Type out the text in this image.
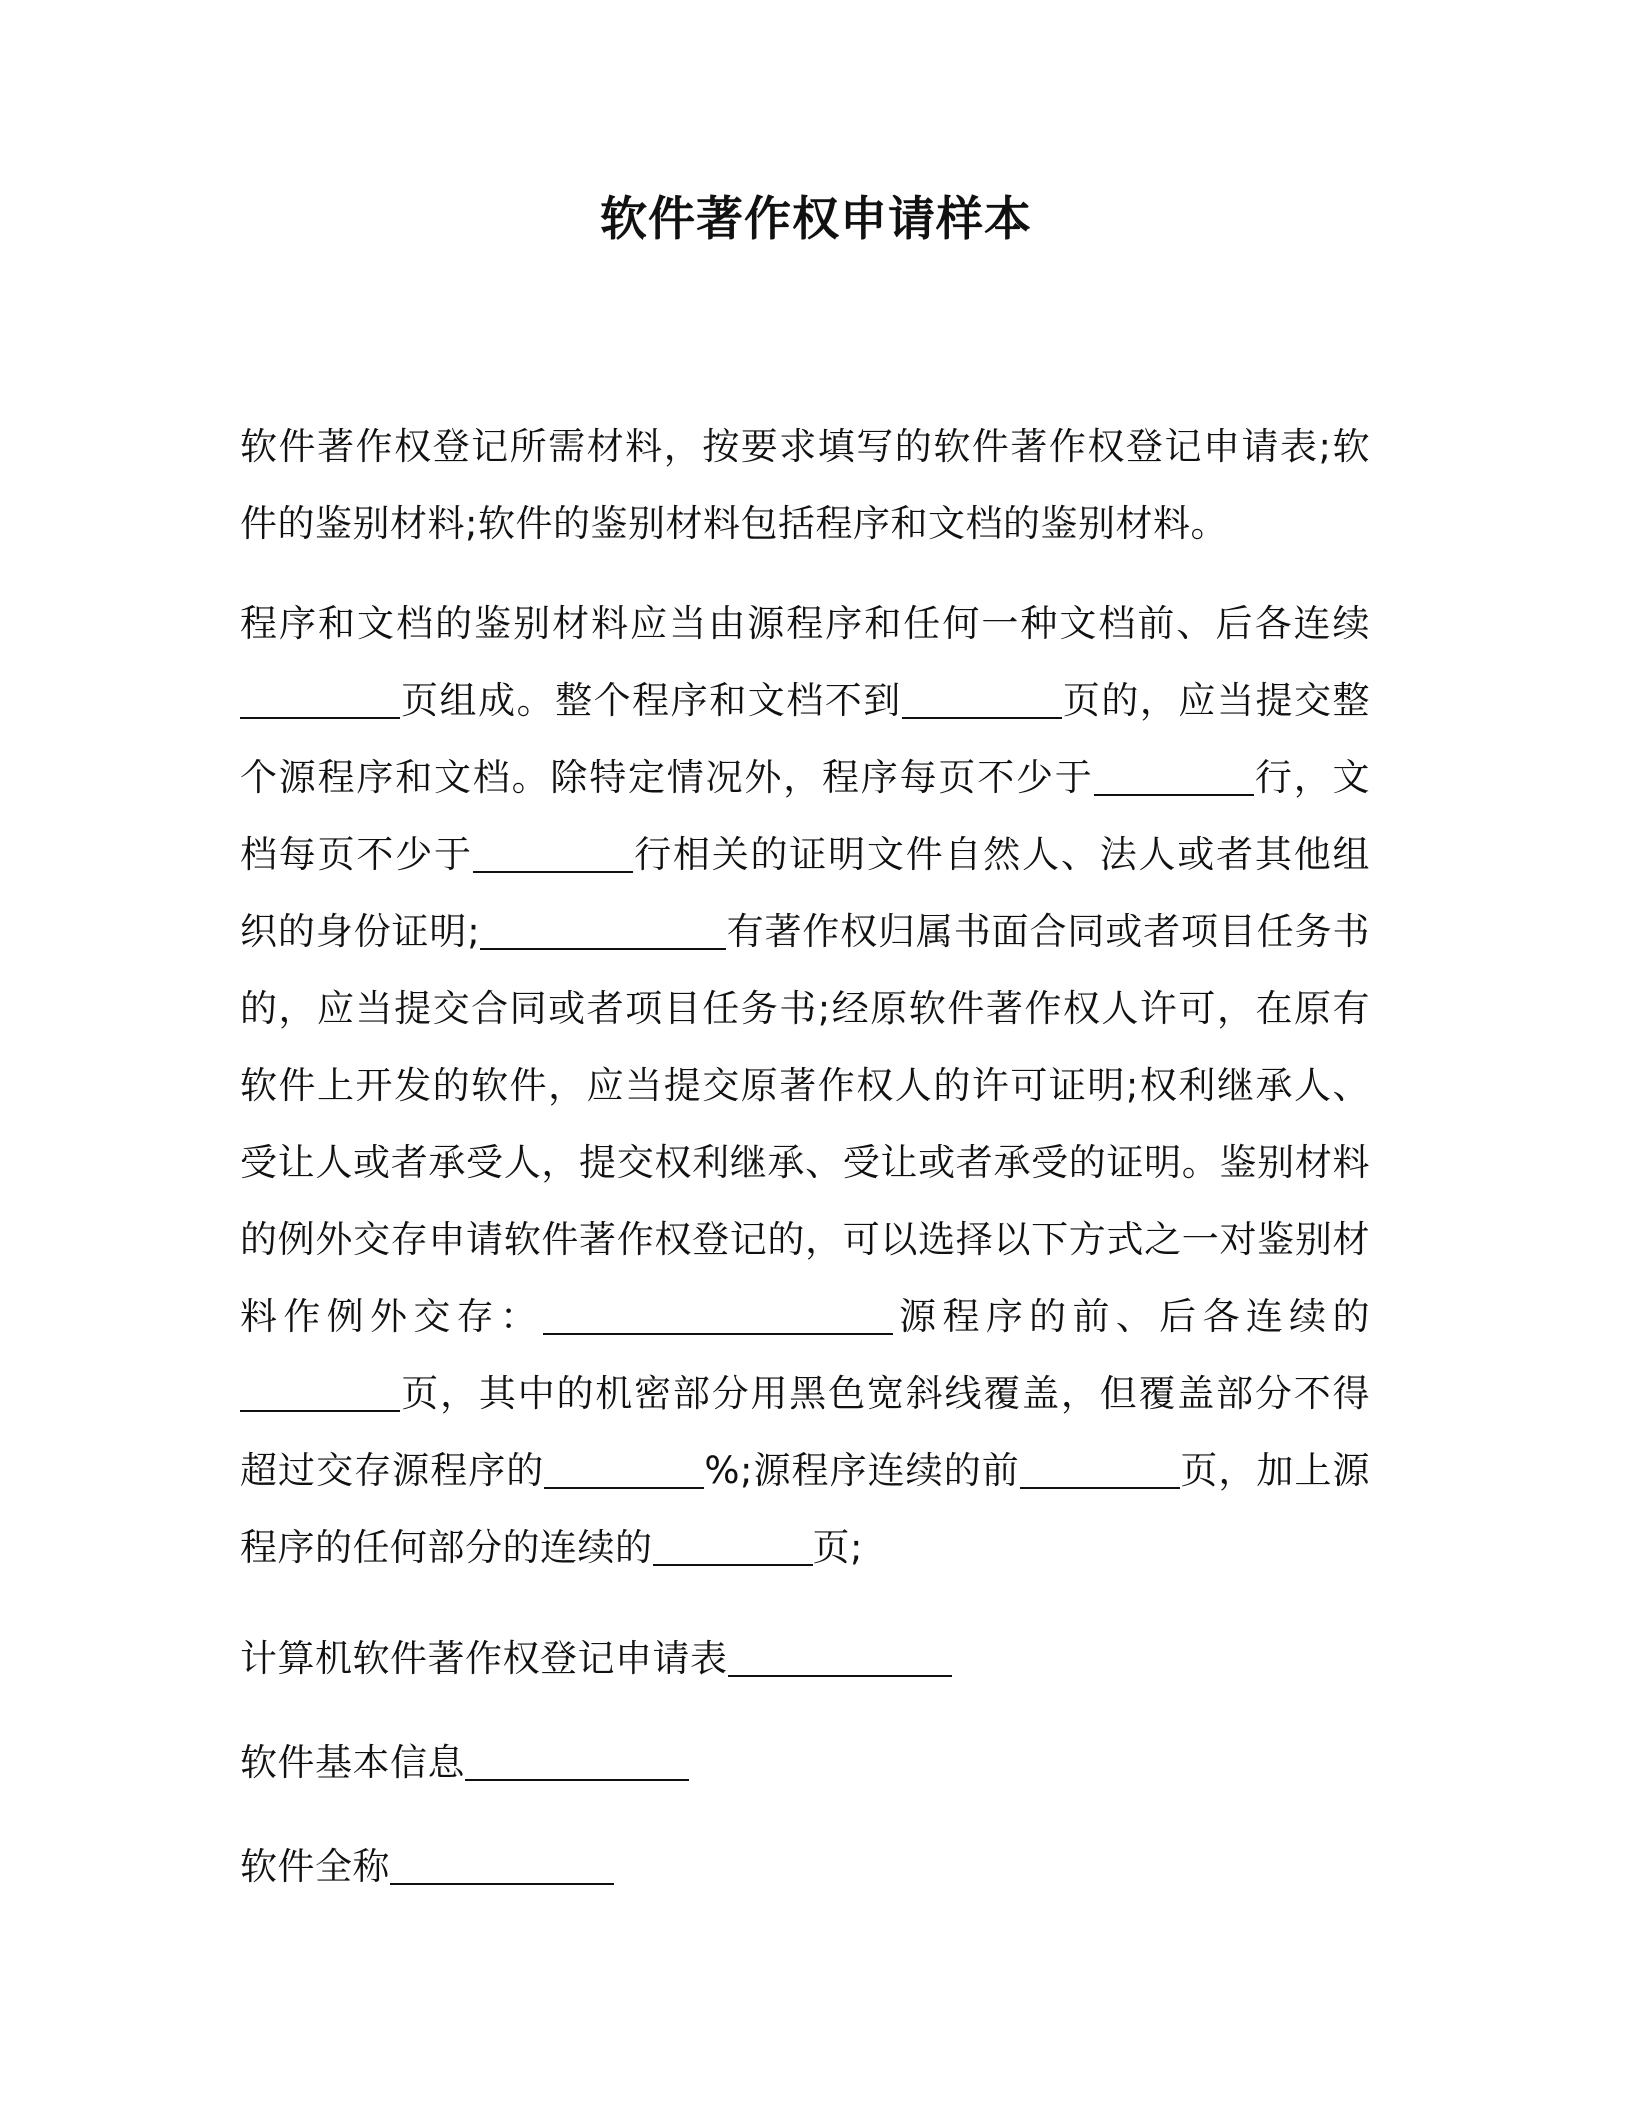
软件著作权申请样本

软件著作权登记所需材料，按要求填写的软件著作权登记申请表;软件的鉴别材料;软件的鉴别材料包括程序和文档的鉴别材料。

程序和文档的鉴别材料应当由源程序和任何一种文档前、后各连续页组成。整个程序和文档不到	页的，应当提交整个源程序和文档。除特定情况外，程序每页不少于	行，文档每页不少于	行相关的证明文件自然人、法人或者其他组织的身份证明;	有著作权归属书面合同或者项目任务书的，应当提交合同或者项目任务书;经原软件著作权人许可，在原有软件上开发的软件，应当提交原著作权人的许可证明;权利继承人、受让人或者承受人，提交权利继承、受让或者承受的证明。鉴别材料的例外交存申请软件著作权登记的，可以选择以下方式之一对鉴别材料作例外交存：	源程序的前、后各连续的页，其中的机密部分用黑色宽斜线覆盖，但覆盖部分不得超过交存源程序的	%;源程序连续的前	页，加上源程序的任何部分的连续的	页;

计算机软件著作权登记申请表

软件基本信息

软件全称
